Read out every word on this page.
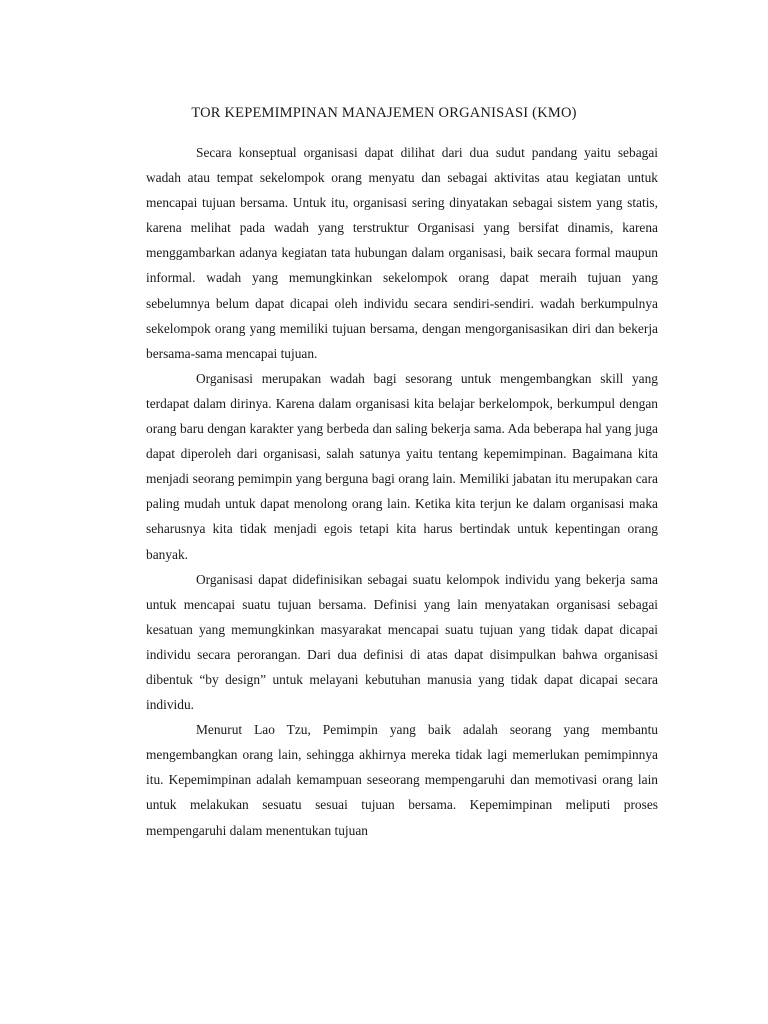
TOR KEPEMIMPINAN MANAJEMEN ORGANISASI (KMO)

Secara konseptual organisasi dapat dilihat dari dua sudut pandang yaitu sebagai wadah atau tempat sekelompok orang menyatu dan sebagai aktivitas atau kegiatan untuk mencapai tujuan bersama. Untuk itu, organisasi sering dinyatakan sebagai sistem yang statis, karena melihat pada wadah yang terstruktur Organisasi yang bersifat dinamis, karena menggambarkan adanya kegiatan tata hubungan dalam organisasi, baik secara formal maupun informal. wadah yang memungkinkan sekelompok orang dapat meraih tujuan yang sebelumnya belum dapat dicapai oleh individu secara sendiri-sendiri. wadah berkumpulnya sekelompok orang yang memiliki tujuan bersama, dengan mengorganisasikan diri dan bekerja bersama-sama mencapai tujuan.

Organisasi merupakan wadah bagi sesorang untuk mengembangkan skill yang terdapat dalam dirinya. Karena dalam organisasi kita belajar berkelompok, berkumpul dengan orang baru dengan karakter yang berbeda dan saling bekerja sama. Ada beberapa hal yang juga dapat diperoleh dari organisasi, salah satunya yaitu tentang kepemimpinan. Bagaimana kita menjadi seorang pemimpin yang berguna bagi orang lain. Memiliki jabatan itu merupakan cara paling mudah untuk dapat menolong orang lain. Ketika kita terjun ke dalam organisasi maka seharusnya kita tidak menjadi egois tetapi kita harus bertindak untuk kepentingan orang banyak.

Organisasi dapat didefinisikan sebagai suatu kelompok individu yang bekerja sama untuk mencapai suatu tujuan bersama. Definisi yang lain menyatakan organisasi sebagai kesatuan yang memungkinkan masyarakat mencapai suatu tujuan yang tidak dapat dicapai individu secara perorangan. Dari dua definisi di atas dapat disimpulkan bahwa organisasi dibentuk “by design” untuk melayani kebutuhan manusia yang tidak dapat dicapai secara individu.

Menurut Lao Tzu, Pemimpin yang baik adalah seorang yang membantu mengembangkan orang lain, sehingga akhirnya mereka tidak lagi memerlukan pemimpinnya itu. Kepemimpinan adalah kemampuan seseorang mempengaruhi dan memotivasi orang lain untuk melakukan sesuatu sesuai tujuan bersama. Kepemimpinan meliputi proses mempengaruhi dalam menentukan tujuan
